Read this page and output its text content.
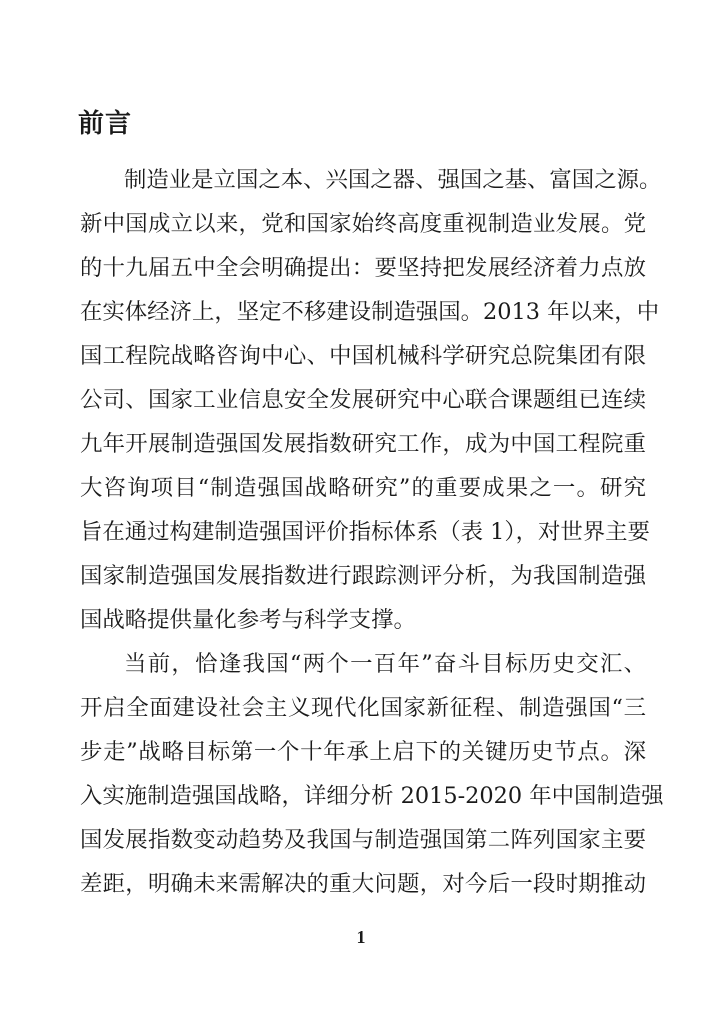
前言
制造业是立国之本、兴国之器、强国之基、富国之源。
新中国成立以来，党和国家始终高度重视制造业发展。党
的十九届五中全会明确提出：要坚持把发展经济着力点放
在实体经济上，坚定不移建设制造强国。2013 年以来，中
国工程院战略咨询中心、中国机械科学研究总院集团有限
公司、国家工业信息安全发展研究中心联合课题组已连续
九年开展制造强国发展指数研究工作，成为中国工程院重
大咨询项目“制造强国战略研究”的重要成果之一。研究
旨在通过构建制造强国评价指标体系（表 1），对世界主要
国家制造强国发展指数进行跟踪测评分析，为我国制造强
国战略提供量化参考与科学支撑。
当前，恰逢我国“两个一百年”奋斗目标历史交汇、
开启全面建设社会主义现代化国家新征程、制造强国“三
步走”战略目标第一个十年承上启下的关键历史节点。深
入实施制造强国战略，详细分析 2015-2020 年中国制造强
国发展指数变动趋势及我国与制造强国第二阵列国家主要
差距，明确未来需解决的重大问题，对今后一段时期推动
1
